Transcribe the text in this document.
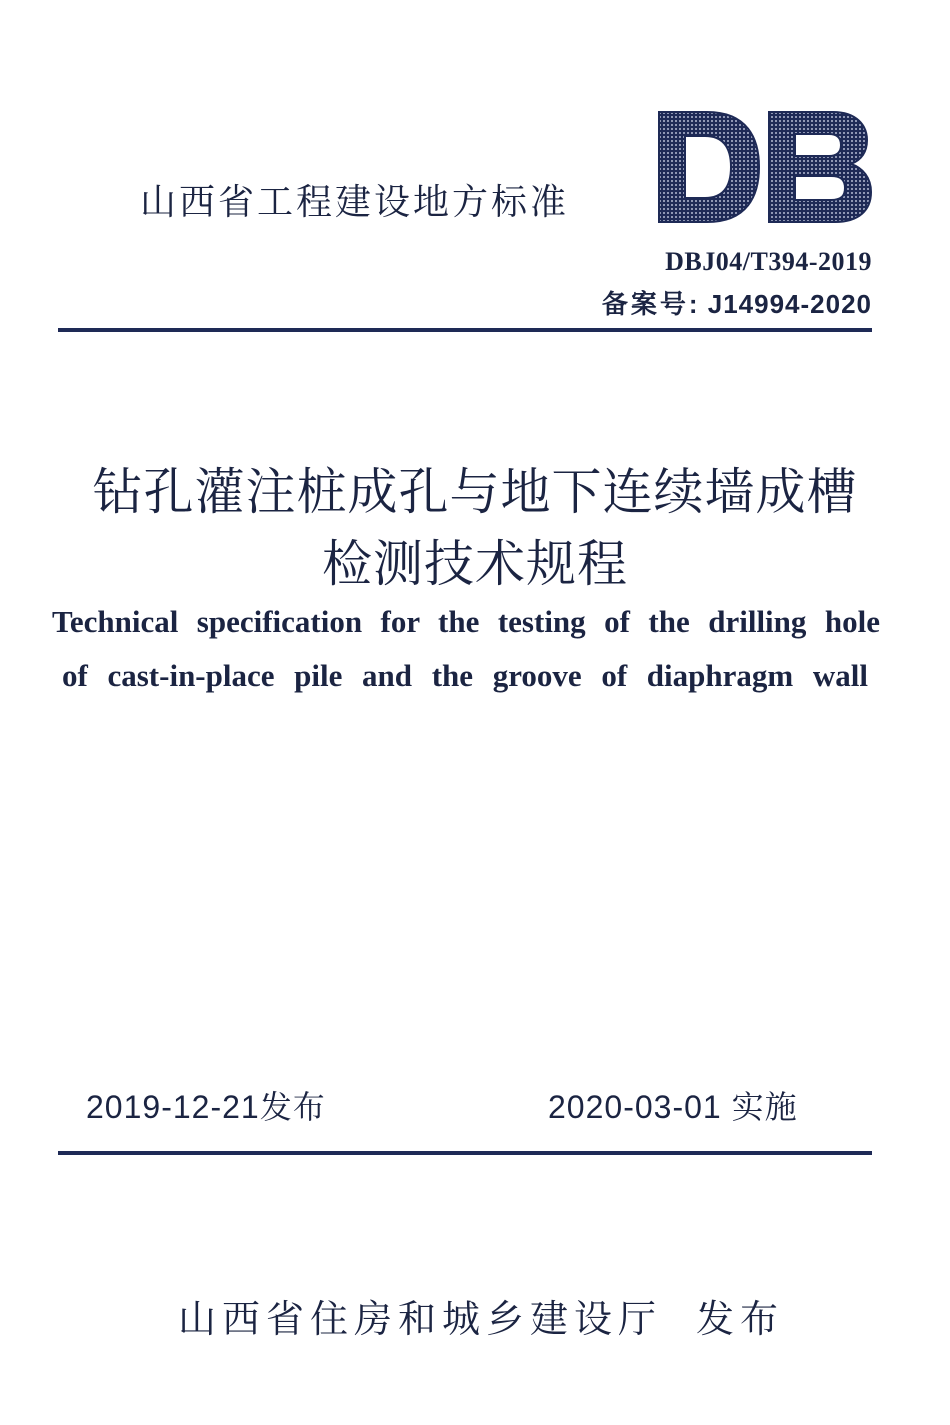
山西省工程建设地方标准
DBJ04/T394-2019
备案号: J14994-2020
钻孔灌注桩成孔与地下连续墙成槽
检测技术规程
Technical specification for the testing of the drilling hole
of cast-in-place pile and the groove of diaphragm wall
2019-12-21发布	2020-03-01 实施
山西省住房和城乡建设厅 发布
